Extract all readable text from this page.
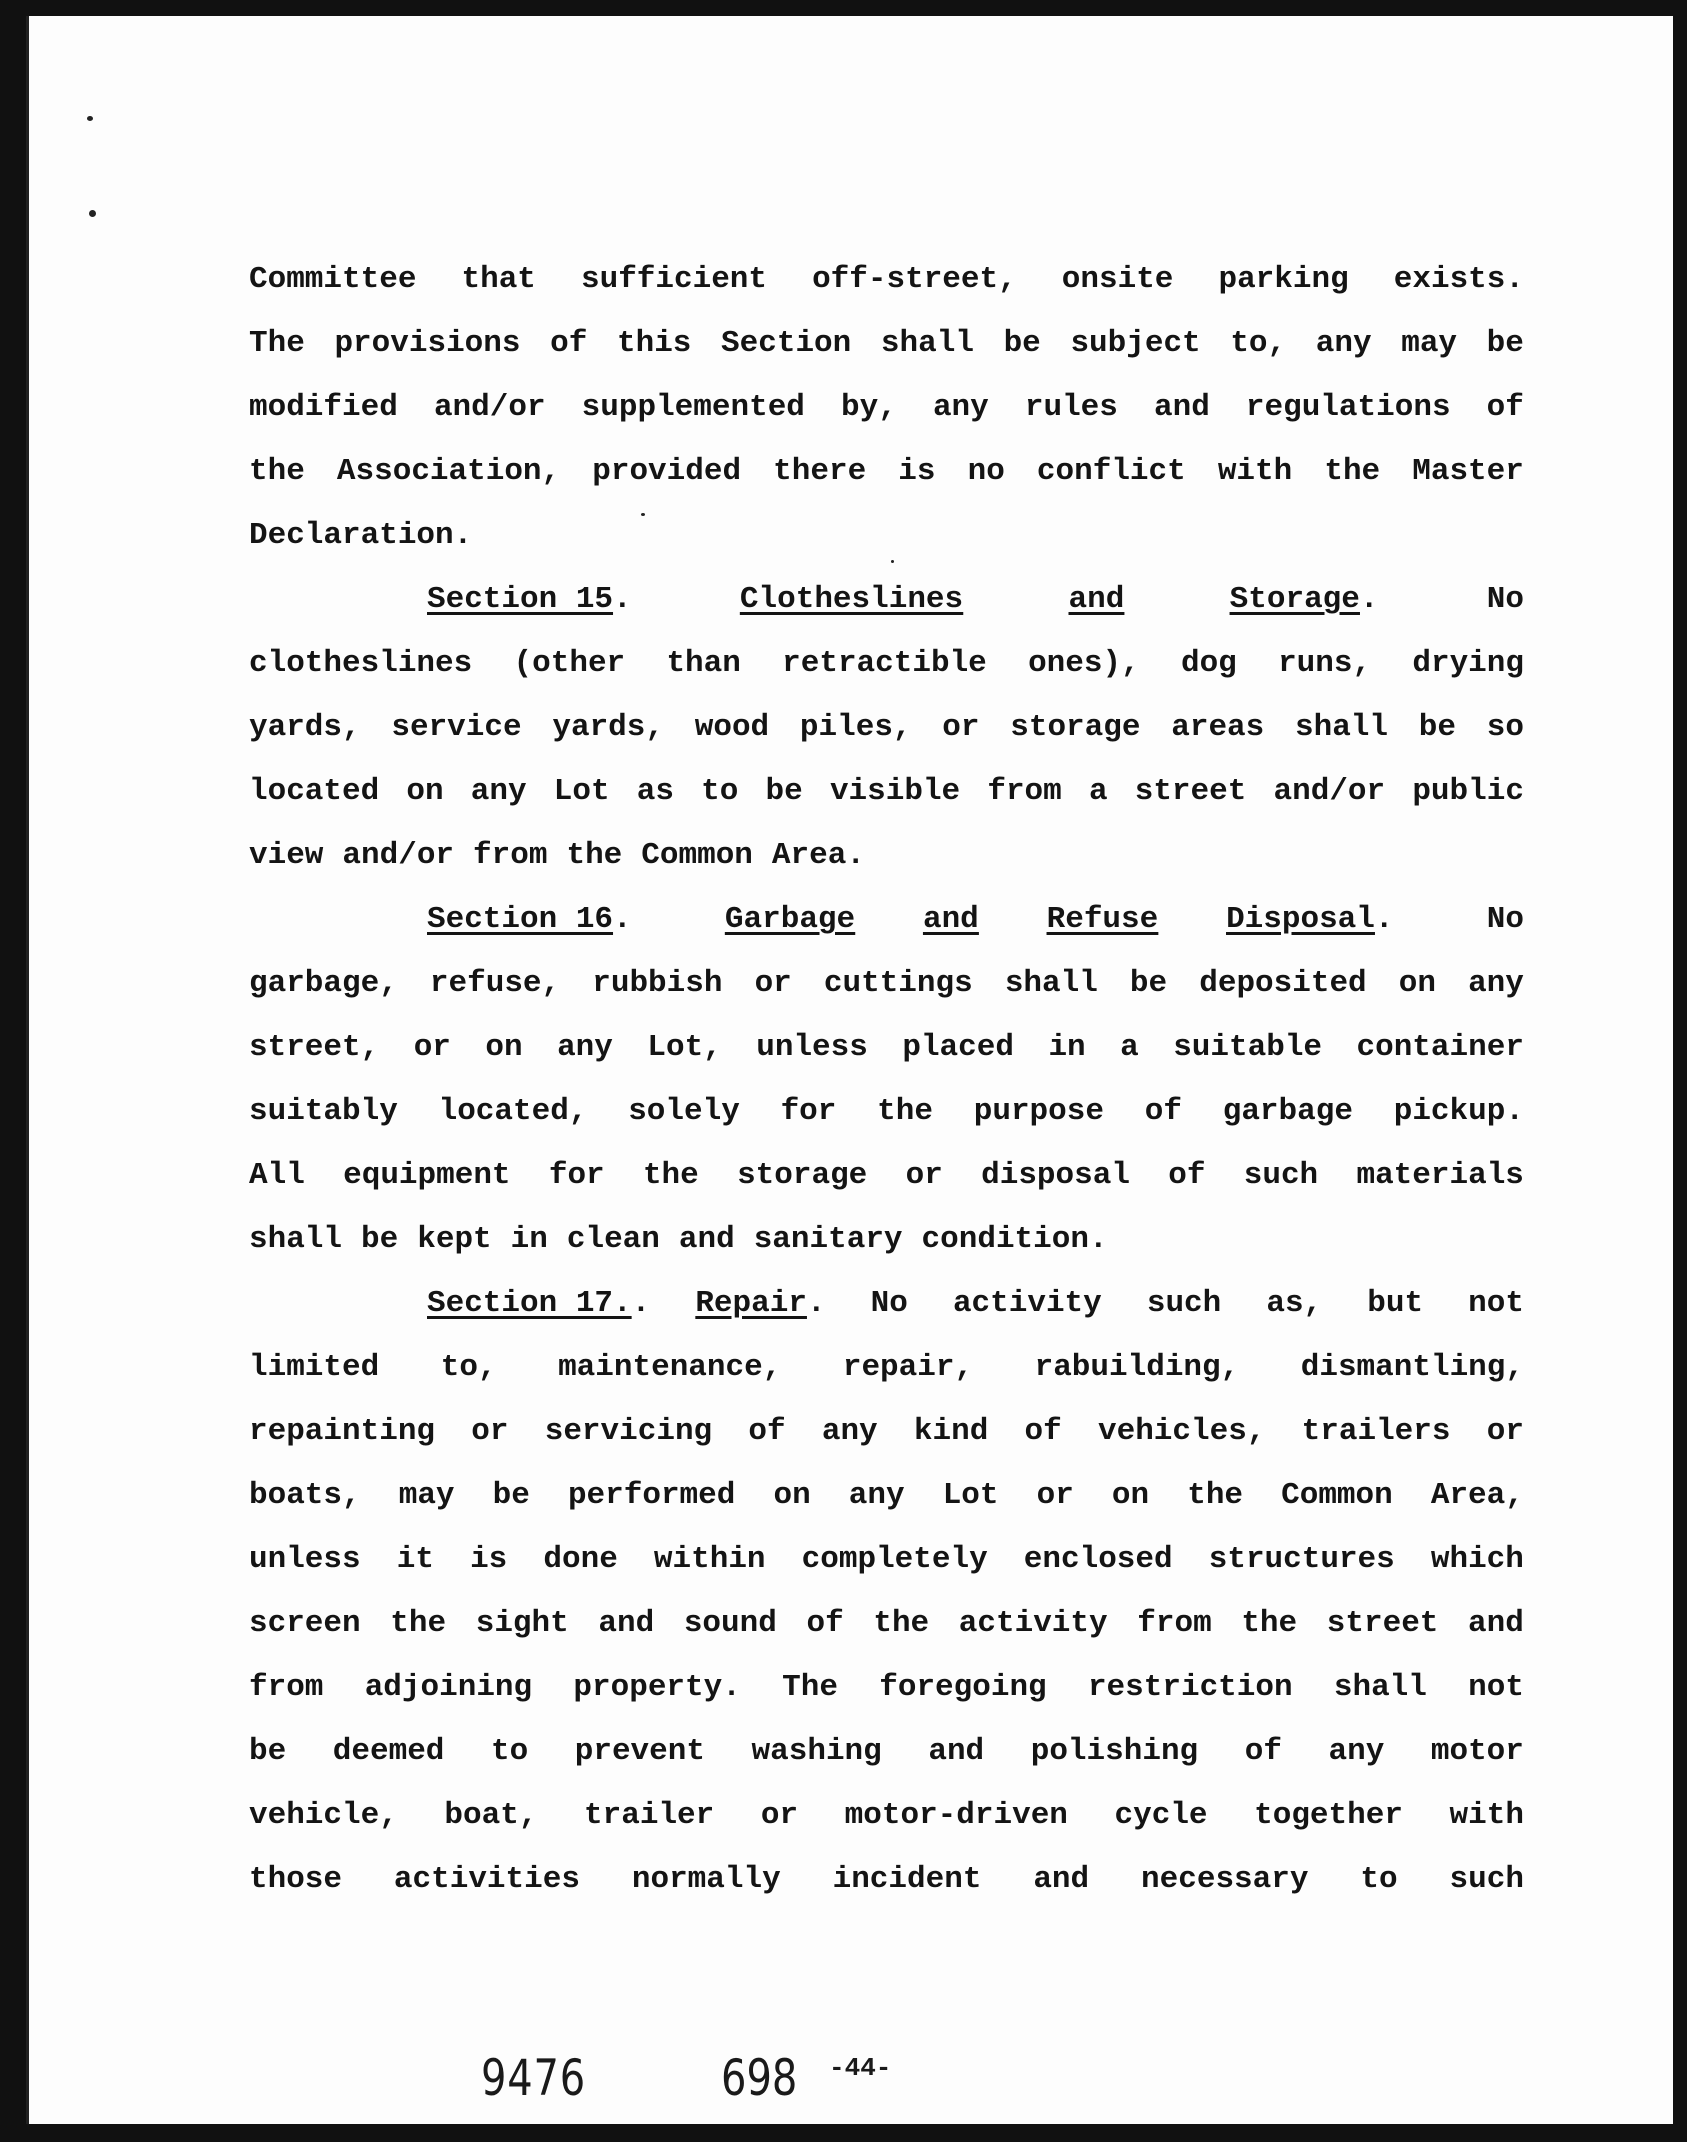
Committee that sufficient off-street, onsite parking exists.
The provisions of this Section shall be subject to, any may be
modified and/or supplemented by, any rules and regulations of
the Association, provided there is no conflict with the Master
Declaration.
Section 15.	Clotheslines	and	Storage .	No
clotheslines (other than retractible ones), dog runs, drying
yards, service yards, wood piles, or storage areas shall be so
located on any Lot as to be visible from a street and/or public
view and/or from the Common Area.
Section 16.	Garbage and Refuse Disposal .	No
garbage, refuse, rubbish or cuttings shall be deposited on any
street, or on any Lot, unless placed in a suitable container
suitably located, solely for the purpose of garbage pickup.
All equipment for the storage or disposal of such materials
shall be kept in clean and sanitary condition.
Section 17.. Repair. No activity such as, but not
limited to, maintenance, repair, rabuilding, dismantling,
repainting or servicing of any kind of vehicles, trailers or
boats, may be performed on any Lot or on the Common Area,
unless it is done within completely enclosed structures which
screen the sight and sound of the activity from the street and
from adjoining property. The foregoing restriction shall not
be deemed to prevent washing and polishing of any motor
vehicle, boat, trailer or motor-driven cycle together with
those activities normally incident and necessary to such
9476	698 -44-
